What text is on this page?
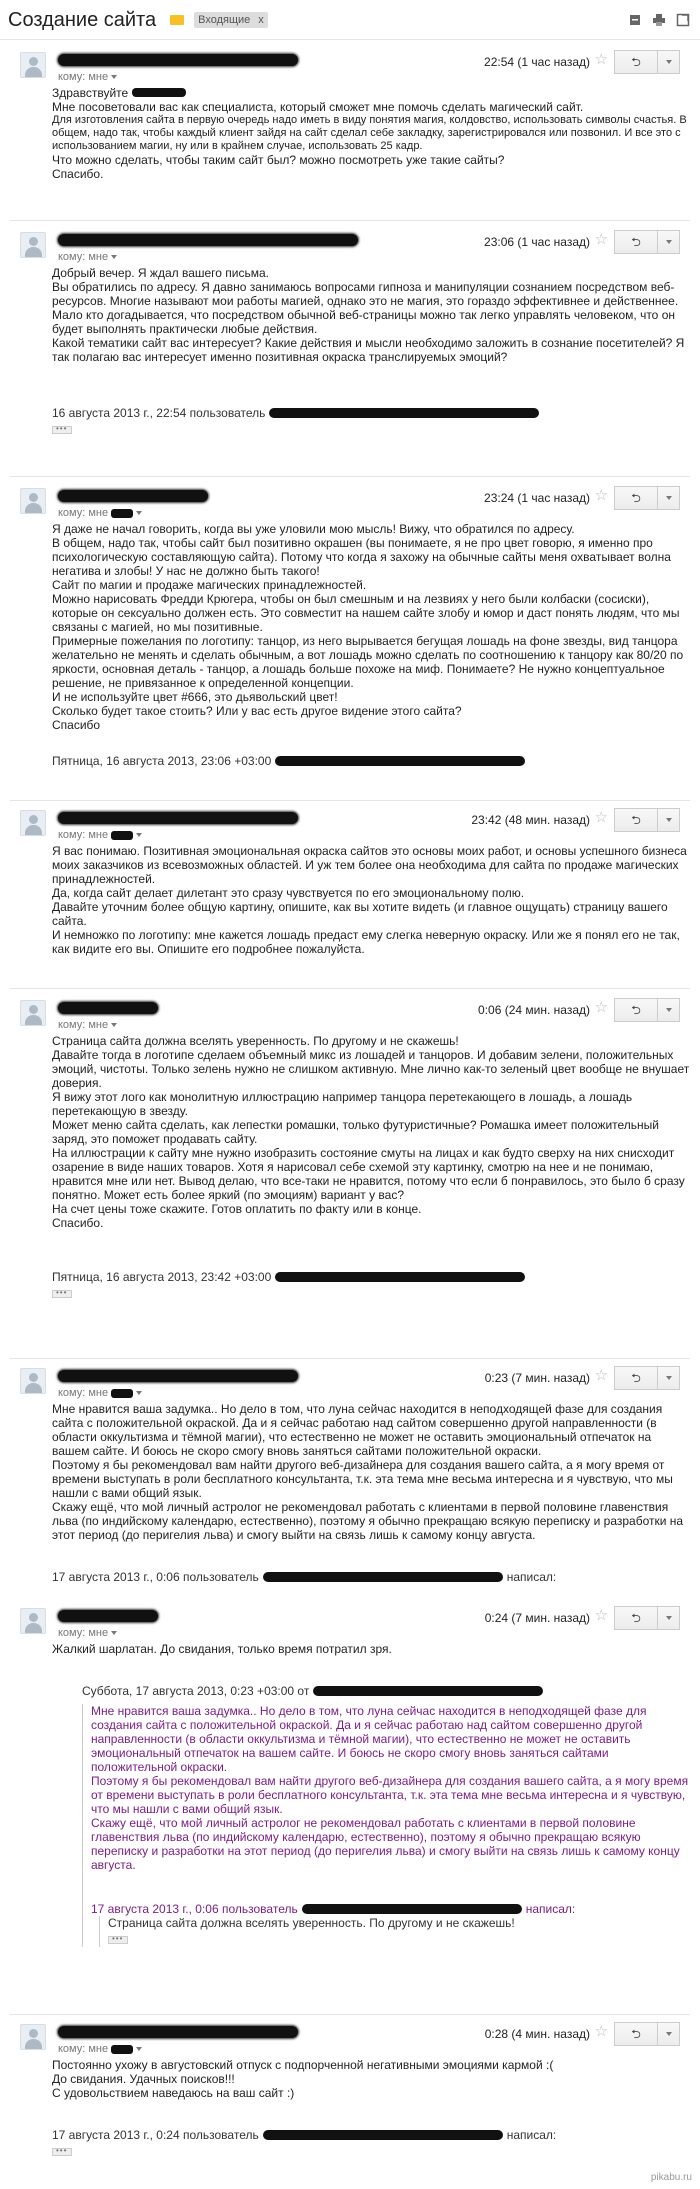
Создание сайта	Входящие x
кому: мне
22:54 (1 час назад) ☆ ⮌

Здравствуйте

Мне посоветовали вас как специалиста, который сможет мне помочь сделать магический сайт.

Для изготовления сайта в первую очередь надо иметь в виду понятия магия, колдовство, использовать символы счастья. В общем, надо так, чтобы каждый клиент зайдя на сайт сделал себе закладку, зарегистрировался или позвонил. И все это с использованием магии, ну или в крайнем случае, использовать 25 кадр.

Что можно сделать, чтобы таким сайт был? можно посмотреть уже такие сайты?

Спасибо.

кому: мне
23:06 (1 час назад) ☆ ⮌

Добрый вечер. Я ждал вашего письма.

Вы обратились по адресу. Я давно занимаюсь вопросами гипноза и манипуляции сознанием посредством веб-ресурсов. Многие называют мои работы магией, однако это не магия, это гораздо эффективнее и действеннее. Мало кто догадывается, что посредством обычной веб-страницы можно так легко управлять человеком, что он будет выполнять практически любые действия.

Какой тематики сайт вас интересует? Какие действия и мысли необходимо заложить в сознание посетителей? Я так полагаю вас интересует именно позитивная окраска транслируемых эмоций?

16 августа 2013 г., 22:54 пользователь
•••
кому: мне
23:24 (1 час назад) ☆ ⮌

Я даже не начал говорить, когда вы уже уловили мою мысль! Вижу, что обратился по адресу.

В общем, надо так, чтобы сайт был позитивно окрашен (вы понимаете, я не про цвет говорю, я именно про психологическую составляющую сайта). Потому что когда я захожу на обычные сайты меня охватывает волна негатива и злобы! У нас не должно быть такого!

Сайт по магии и продаже магических принадлежностей.

Можно нарисовать Фредди Крюгера, чтобы он был смешным и на лезвиях у него были колбаски (сосиски), которые он сексуально должен есть. Это совместит на нашем сайте злобу и юмор и даст понять людям, что мы связаны с магией, но мы позитивные.

Примерные пожелания по логотипу: танцор, из него вырывается бегущая лошадь на фоне звезды, вид танцора желательно не менять и сделать обычным, а вот лошадь можно сделать по соотношению к танцору как 80/20 по яркости, основная деталь - танцор, а лошадь больше похоже на миф. Понимаете? Не нужно концептуальное решение, не привязанное к определенной концепции.

И не используйте цвет #666, это дьявольский цвет!

Сколько будет такое стоить? Или у вас есть другое видение этого сайта?

Спасибо

Пятница, 16 августа 2013, 23:06 +03:00
кому: мне
23:42 (48 мин. назад) ☆ ⮌

Я вас понимаю. Позитивная эмоциональная окраска сайтов это основы моих работ, и основы успешного бизнеса моих заказчиков из всевозможных областей. И уж тем более она необходима для сайта по продаже магических принадлежностей.

Да, когда сайт делает дилетант это сразу чувствуется по его эмоциональному полю.

Давайте уточним более общую картину, опишите, как вы хотите видеть (и главное ощущать) страницу вашего сайта.

И немножко по логотипу: мне кажется лошадь предаст ему слегка неверную окраску. Или же я понял его не так, как видите его вы. Опишите его подробнее пожалуйста.

кому: мне
0:06 (24 мин. назад) ☆ ⮌

Страница сайта должна вселять уверенность. По другому и не скажешь!

Давайте тогда в логотипе сделаем объемный микс из лошадей и танцоров. И добавим зелени, положительных эмоций, чистоты. Только зелень нужно не слишком активную. Мне лично как-то зеленый цвет вообще не внушает доверия.

Я вижу этот лого как монолитную иллюстрацию например танцора перетекающего в лошадь, а лошадь перетекающую в звезду.

Может меню сайта сделать, как лепестки ромашки, только футуристичные? Ромашка имеет положительный заряд, это поможет продавать сайту.

На иллюстрации к сайту мне нужно изобразить состояние смуты на лицах и как будто сверху на них снисходит озарение в виде наших товаров. Хотя я нарисовал себе схемой эту картинку, смотрю на нее и не понимаю, нравится мне или нет. Вывод делаю, что все-таки не нравится, потому что если б понравилось, это было б сразу понятно. Может есть более яркий (по эмоциям) вариант у вас?

На счет цены тоже скажите. Готов оплатить по факту или в конце.

Спасибо.

Пятница, 16 августа 2013, 23:42 +03:00
•••
кому: мне
0:23 (7 мин. назад) ☆ ⮌

Мне нравится ваша задумка.. Но дело в том, что луна сейчас находится в неподходящей фазе для создания сайта с положительной окраской. Да и я сейчас работаю над сайтом совершенно другой направленности (в области оккультизма и тёмной магии), что естественно не может не оставить эмоциональный отпечаток на вашем сайте. И боюсь не скоро смогу вновь заняться сайтами положительной окраски.

Поэтому я бы рекомендовал вам найти другого веб-дизайнера для создания вашего сайта, а я могу время от времени выступать в роли бесплатного консультанта, т.к. эта тема мне весьма интересна и я чувствую, что мы нашли с вами общий язык.

Скажу ещё, что мой личный астролог не рекомендовал работать с клиентами в первой половине главенствия льва (по индийскому календарю, естественно), поэтому я обычно прекращаю всякую переписку и разработки на этот период (до перигелия льва) и смогу выйти на связь лишь к самому концу августа.

17 августа 2013 г., 0:06 пользователь	написал:
кому: мне
0:24 (7 мин. назад) ☆ ⮌

Жалкий шарлатан. До свидания, только время потратил зря.

Суббота, 17 августа 2013, 0:23 +03:00 от

Мне нравится ваша задумка.. Но дело в том, что луна сейчас находится в неподходящей фазе для создания сайта с положительной окраской. Да и я сейчас работаю над сайтом совершенно другой направленности (в области оккультизма и тёмной магии), что естественно не может не оставить эмоциональный отпечаток на вашем сайте. И боюсь не скоро смогу вновь заняться сайтами положительной окраски.

Поэтому я бы рекомендовал вам найти другого веб-дизайнера для создания вашего сайта, а я могу время от времени выступать в роли бесплатного консультанта, т.к. эта тема мне весьма интересна и я чувствую, что мы нашли с вами общий язык.

Скажу ещё, что мой личный астролог не рекомендовал работать с клиентами в первой половине главенствия льва (по индийскому календарю, естественно), поэтому я обычно прекращаю всякую переписку и разработки на этот период (до перигелия льва) и смогу выйти на связь лишь к самому концу августа.

17 августа 2013 г., 0:06 пользователь	написал:

Страница сайта должна вселять уверенность. По другому и не скажешь!

•••
кому: мне
0:28 (4 мин. назад) ☆ ⮌

Постоянно ухожу в августовский отпуск с подпорченной негативными эмоциями кармой :(

До свидания. Удачных поисков!!!

С удовольствием наведаюсь на ваш сайт :)

17 августа 2013 г., 0:24 пользователь	написал:
•••
pikabu.ru
